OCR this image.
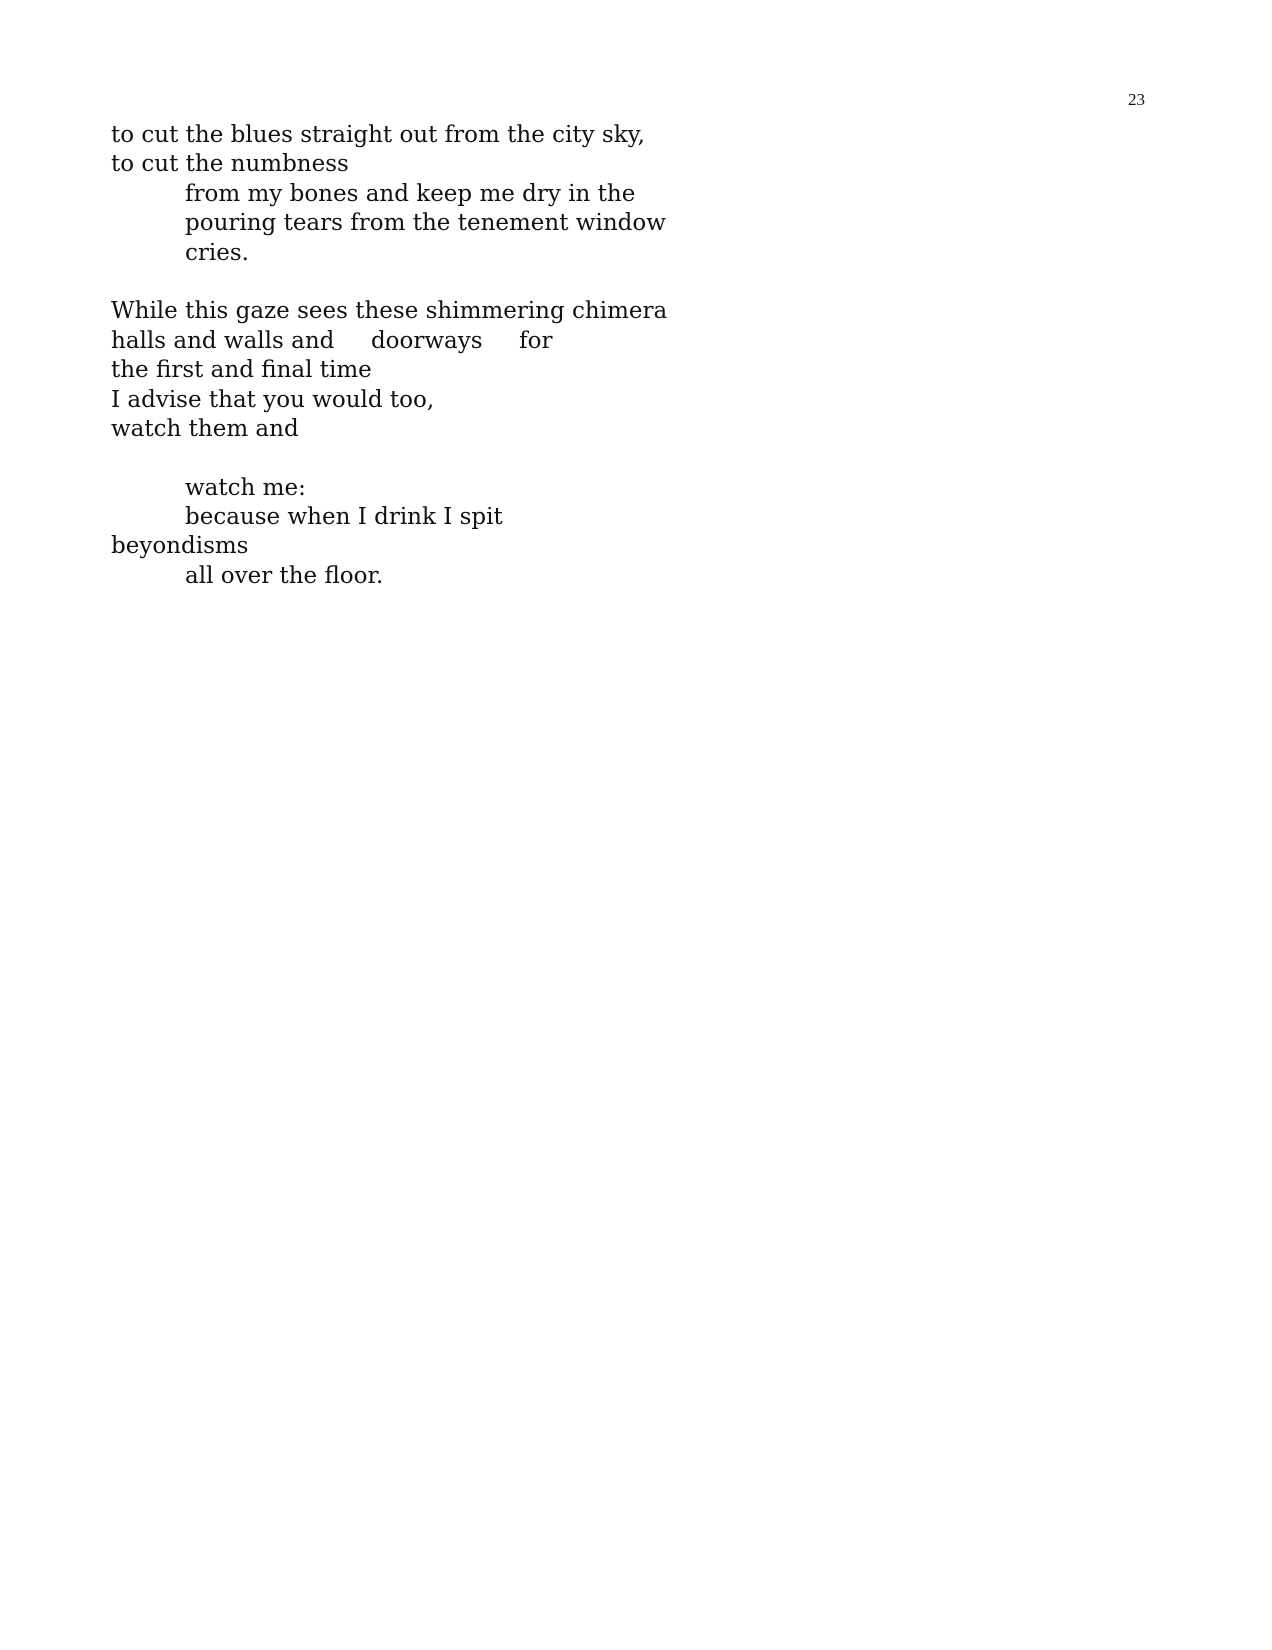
23
to cut the blues straight out from the city sky,
to cut the numbness
from my bones and keep me dry in the
pouring tears from the tenement window
cries.
While this gaze sees these shimmering chimera
halls and walls and     doorways     for
the first and final time
I advise that you would too,
watch them and
watch me:
because when I drink I spit
beyondisms
all over the floor.
